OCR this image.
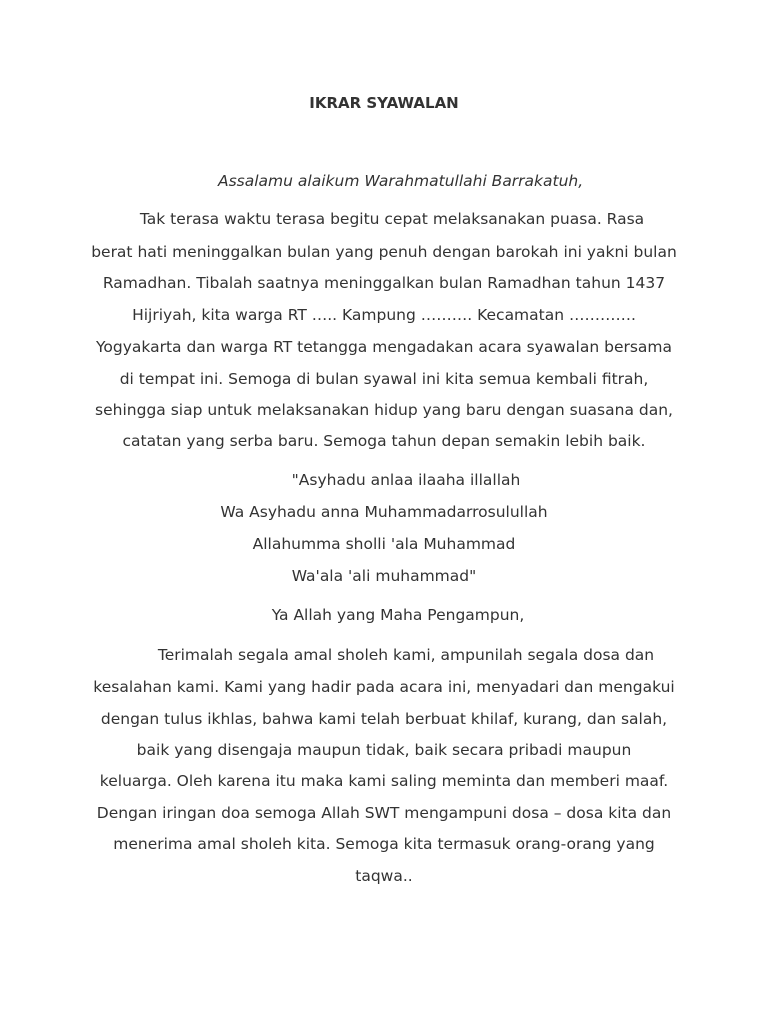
IKRAR SYAWALAN
Assalamu alaikum Warahmatullahi Barrakatuh,
Tak terasa waktu terasa begitu cepat melaksanakan puasa. Rasa
berat hati meninggalkan bulan yang penuh dengan barokah ini yakni bulan
Ramadhan. Tibalah saatnya meninggalkan bulan Ramadhan tahun 1437
Hijriyah, kita warga RT ….. Kampung ………. Kecamatan ………….
Yogyakarta dan warga RT tetangga mengadakan acara syawalan bersama
di tempat ini. Semoga di bulan syawal ini kita semua kembali fitrah,
sehingga siap untuk melaksanakan hidup yang baru dengan suasana dan,
catatan yang serba baru. Semoga tahun depan semakin lebih baik.
"Asyhadu anlaa ilaaha illallah
Wa Asyhadu anna Muhammadarrosulullah
Allahumma sholli 'ala Muhammad
Wa'ala 'ali muhammad"
Ya Allah yang Maha Pengampun,
Terimalah segala amal sholeh kami, ampunilah segala dosa dan
kesalahan kami. Kami yang hadir pada acara ini, menyadari dan mengakui
dengan tulus ikhlas, bahwa kami telah berbuat khilaf, kurang, dan salah,
baik yang disengaja maupun tidak, baik secara pribadi maupun
keluarga. Oleh karena itu maka kami saling meminta dan memberi maaf.
Dengan iringan doa semoga Allah SWT mengampuni dosa – dosa kita dan
menerima amal sholeh kita. Semoga kita termasuk orang-orang yang
taqwa..
